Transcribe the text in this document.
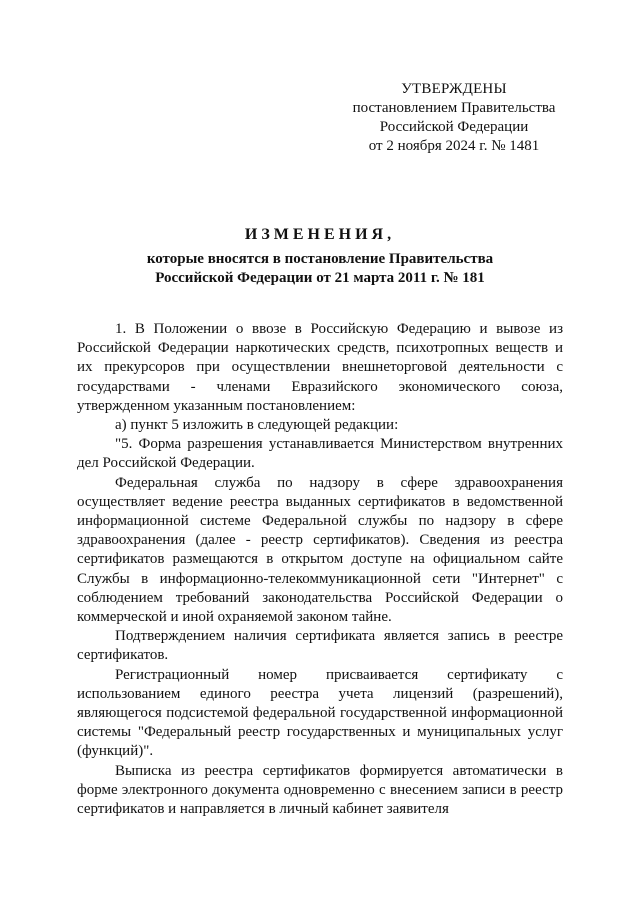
УТВЕРЖДЕНЫ
постановлением Правительства
Российской Федерации
от 2 ноября 2024 г. № 1481
ИЗМЕНЕНИЯ,
которые вносятся в постановление Правительства
Российской Федерации от 21 марта 2011 г. № 181

1. В Положении о ввозе в Российскую Федерацию и вывозе из Российской Федерации наркотических средств, психотропных веществ и их прекурсоров при осуществлении внешнеторговой деятельности с государствами - членами Евразийского экономического союза, утвержденном указанным постановлением:

а) пункт 5 изложить в следующей редакции:

"5. Форма разрешения устанавливается Министерством внутренних дел Российской Федерации.

Федеральная служба по надзору в сфере здравоохранения осуществляет ведение реестра выданных сертификатов в ведомственной информационной системе Федеральной службы по надзору в сфере здравоохранения (далее - реестр сертификатов). Сведения из реестра сертификатов размещаются в открытом доступе на официальном сайте Службы в информационно-телекоммуникационной сети "Интернет" с соблюдением требований законодательства Российской Федерации о коммерческой и иной охраняемой законом тайне.

Подтверждением наличия сертификата является запись в реестре сертификатов.

Регистрационный номер присваивается сертификату с использованием единого реестра учета лицензий (разрешений), являющегося подсистемой федеральной государственной информационной системы "Федеральный реестр государственных и муниципальных услуг (функций)".

Выписка из реестра сертификатов формируется автоматически в форме электронного документа одновременно с внесением записи в реестр сертификатов и направляется в личный кабинет заявителя
